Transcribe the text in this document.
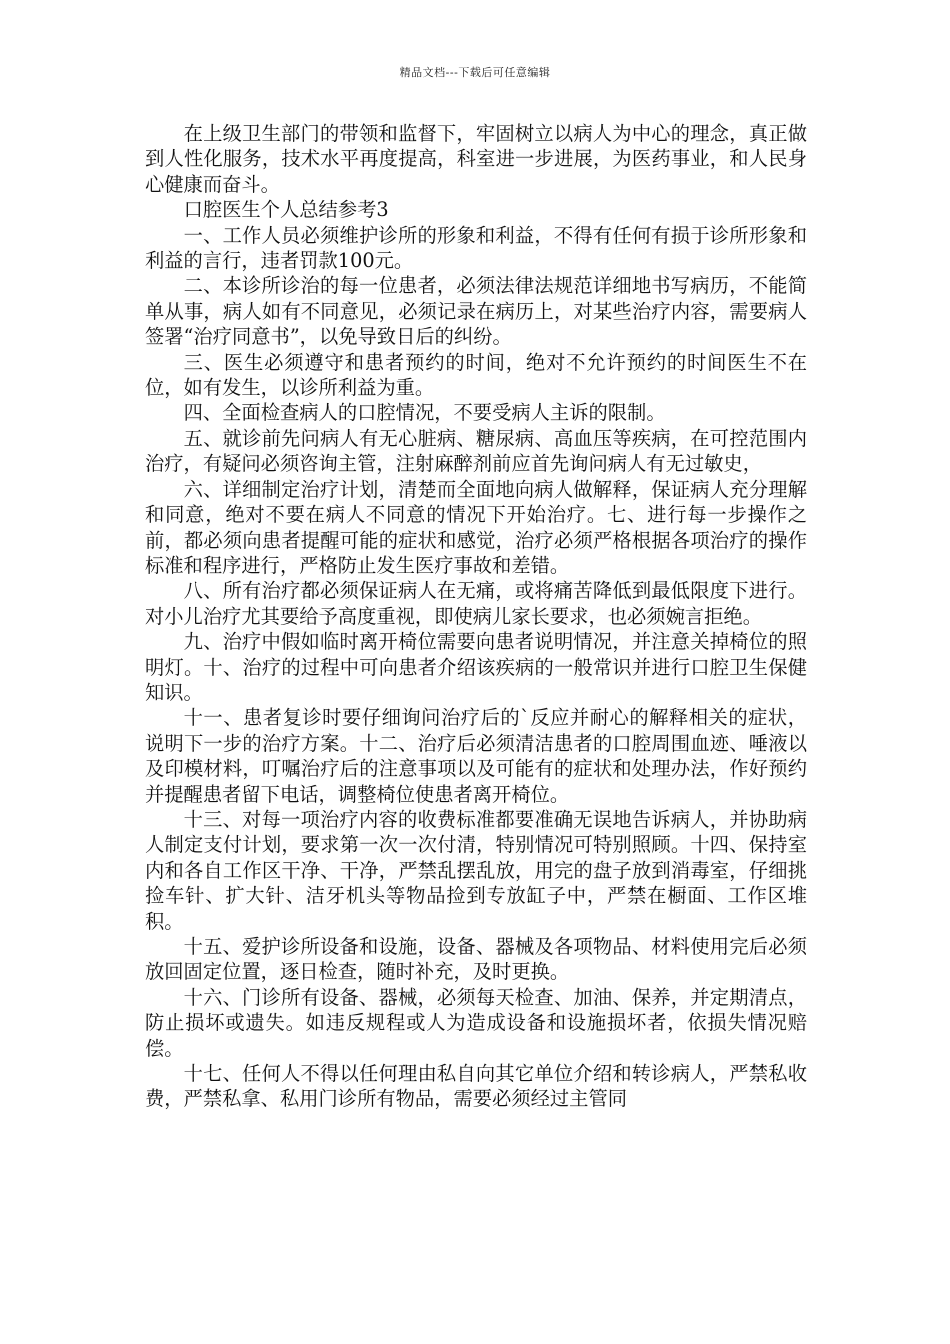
精品文档---下载后可任意编辑

在上级卫生部门的带领和监督下，牢固树立以病人为中心的理念，真正做到人性化服务，技术水平再度提高，科室进一步进展，为医药事业，和人民身心健康而奋斗。

口腔医生个人总结参考3

一、工作人员必须维护诊所的形象和利益，不得有任何有损于诊所形象和利益的言行，违者罚款100元。

二、本诊所诊治的每一位患者，必须法律法规范详细地书写病历，不能简单从事，病人如有不同意见，必须记录在病历上，对某些治疗内容，需要病人签署“治疗同意书”，以免导致日后的纠纷。

三、医生必须遵守和患者预约的时间，绝对不允许预约的时间医生不在位，如有发生，以诊所利益为重。

四、全面检查病人的口腔情况，不要受病人主诉的限制。

五、就诊前先问病人有无心脏病、糖尿病、高血压等疾病，在可控范围内治疗，有疑问必须咨询主管，注射麻醉剂前应首先询问病人有无过敏史，

六、详细制定治疗计划，清楚而全面地向病人做解释，保证病人充分理解和同意，绝对不要在病人不同意的情况下开始治疗。七、进行每一步操作之前，都必须向患者提醒可能的症状和感觉，治疗必须严格根据各项治疗的操作标准和程序进行，严格防止发生医疗事故和差错。

八、所有治疗都必须保证病人在无痛，或将痛苦降低到最低限度下进行。对小儿治疗尤其要给予高度重视，即使病儿家长要求，也必须婉言拒绝。

九、治疗中假如临时离开椅位需要向患者说明情况，并注意关掉椅位的照明灯。十、治疗的过程中可向患者介绍该疾病的一般常识并进行口腔卫生保健知识。

十一、患者复诊时要仔细询问治疗后的`反应并耐心的解释相关的症状，说明下一步的治疗方案。十二、治疗后必须清洁患者的口腔周围血迹、唾液以及印模材料，叮嘱治疗后的注意事项以及可能有的症状和处理办法，作好预约并提醒患者留下电话，调整椅位使患者离开椅位。

十三、对每一项治疗内容的收费标准都要准确无误地告诉病人，并协助病人制定支付计划，要求第一次一次付清，特别情况可特别照顾。十四、保持室内和各自工作区干净、干净，严禁乱摆乱放，用完的盘子放到消毒室，仔细挑捡车针、扩大针、洁牙机头等物品捡到专放缸子中，严禁在橱面、工作区堆积。

十五、爱护诊所设备和设施，设备、器械及各项物品、材料使用完后必须放回固定位置，逐日检查，随时补充，及时更换。

十六、门诊所有设备、器械，必须每天检查、加油、保养，并定期清点，防止损坏或遗失。如违反规程或人为造成设备和设施损坏者，依损失情况赔偿。

十七、任何人不得以任何理由私自向其它单位介绍和转诊病人，严禁私收费，严禁私拿、私用门诊所有物品，需要必须经过主管同
